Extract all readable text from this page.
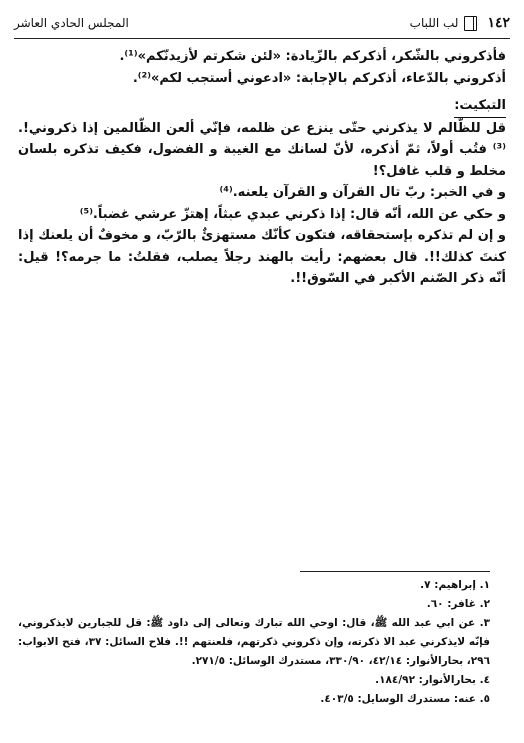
١٤٢
لب اللباب
المجلس الحادي العاشر

فأذكروني بالشّكر، أذكركم بالزّيادة: «لئن شكرتم لأزيدنّكم»⁽¹⁾.

أذكروني بالدّعاء، أذكركم بالإجابة: «ادعوني أستجب لكم»⁽²⁾.

التبكيت:

قل للظّالم لا يذكرني حتّى ينزع عن ظلمه، فإنّي ألعن الظّالمين إذا ذكروني!.⁽³⁾ فتُب أولاً، ثمّ أذكره، لأنّ لسانك مع الغيبة و الفضول، فكيف تذكره بلسان مخلط و قلب غافل؟!

و في الخبر: ربّ تال القرآن و القرآن يلعنه.⁽⁴⁾

و حكي عن الله، أنّه قال: إذا ذكرني عبدي عبثاً، إهتزّ عرشي غضباً.⁽⁵⁾

و إن لم تذكره بإستحقاقه، فتكون كأنّك مستهزئٌ بالرّبّ، و مخوفٌ أن يلعنك إذا كنتَ كذلك!!. قال بعضهم: رأيت بالهند رجلاً يصلب، فقلتُ: ما جرمه؟! قيل: أنّه ذكر الصّنم الأكبر في السّوق!!.

١. إبراهيم: ٧.

٢. غافر: ٦٠.

٣. عن ابي عبد الله ﷺ، قال: اوحي الله تبارك وتعالى إلى داود ﷺ: قل للجبارين لايذكروني، فإنّه لايذكرني عبد الا ذكرته، وإن ذكروني ذكرتهم، فلعنتهم !!. فلاح السائل: ٣٧، فتح الابواب: ٢٩٦، بحارالأنوار: ٤٢/١٤، ٣٣٠/٩٠، مستدرك الوسائل: ٢٧١/٥.

٤. بحارالأنوار: ١٨٤/٩٢.

٥. عنه: مستدرك الوسايل: ٤٠٣/٥.
